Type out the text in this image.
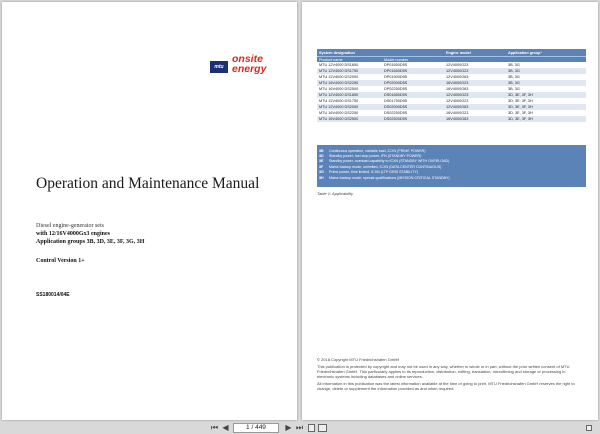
mtu
onsite
energy
Operation and Maintenance Manual
Diesel engine-generator sets
with 12/16V4000Gx3 engines
Application groups 3B, 3D, 3E, 3F, 3G, 3H
Control Version 1+
SS180014/04E
System designation	Engine model	Application group¹
Product name	Model number
MTU 12V4000 DS1650	DP01650D5S	12V4000G23	3B, 3G
MTU 12V4000 DS1750	DP01650D5S	12V4000G23	3B, 3G
MTU 12V4000 DS2000	DP01900D5S	12V4000G63	3B, 3G
MTU 16V4000 DS2250	DP02000D5S	16V4000G23	3B, 3G
MTU 16V4000 DS2500	DP02250D5S	16V4000G63	3B, 3G
MTU 12V4000 DS1650	DS01650D5S	12V4000G23	3D, 3E, 3F, 3H
MTU 12V4000 DS1750	DS01750D5S	12V4000G23	3D, 3E, 3F, 3H
MTU 12V4000 DS2000	DS02000D5S	12V4000G63	3D, 3E, 3F, 3H
MTU 16V4000 DS2250	DS02250D5S	16V4000G23	3D, 3E, 3F, 3H
MTU 16V4000 DS2500	DS02500D5S	16V4000G63	3D, 3E, 3F, 3H
3B	Continuous operation, variable load, ICXN (PRIME POWER)
3D	Standby power, fuel stop power, IFN (STANDBY POWER)
3E	Standby power, overload capability to ICXN (STANDBY WITH OVERLOAD)
3F	Mains backup mode, unlimited, ICXN (DATA CENTER CONTINUOUS)
3G	Prime power, time limited, ICXN (LTP GRID STABILITY)
3H	Mains backup mode, special qualifications (MISSION CRITICAL STANDBY)
Table 1: Applicability

© 2016 Copyright MTU Friedrichshafen GmbH

This publication is protected by copyright and may not be used in any way, whether in whole or in part, without the prior written consent of MTU Friedrichshafen GmbH. This particularly applies to its reproduction, distribution, editing, translation, microfilming and storage or processing in electronic systems including databases and online services.

All information in this publication was the latest information available at the time of going to print. MTU Friedrichshafen GmbH reserves the right to change, delete or supplement the information provided as and when required.

⏮ ◀	1 / 449	▶ ⏭
